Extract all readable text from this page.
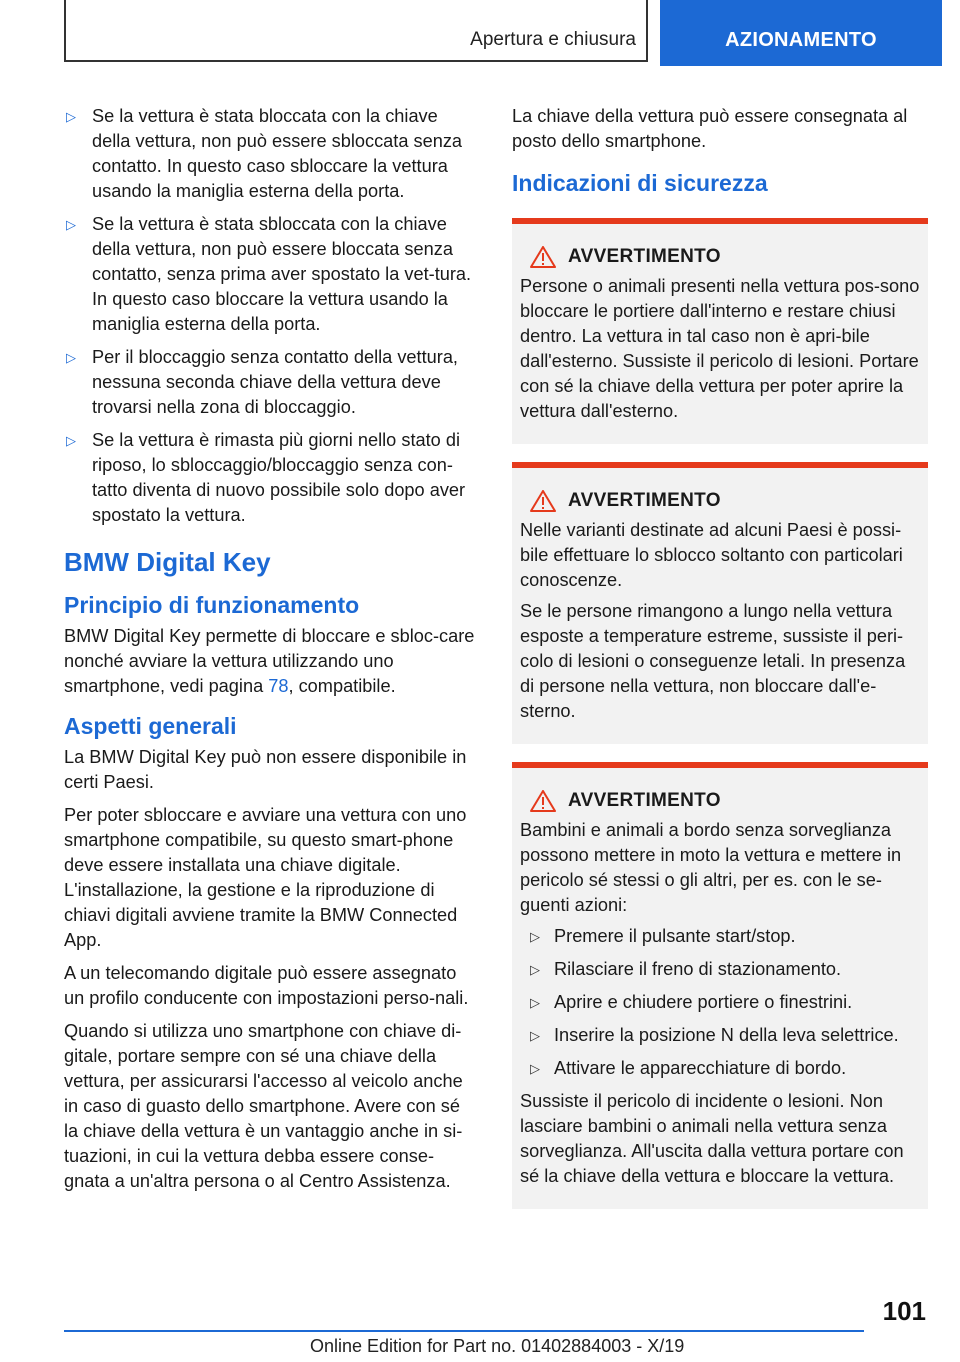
Apertura e chiusura	AZIONAMENTO
▷ Se la vettura è stata bloccata con la chiave della vettura, non può essere sbloccata senza contatto. In questo caso sbloccare la vettura usando la maniglia esterna della porta.
▷ Se la vettura è stata sbloccata con la chiave della vettura, non può essere bloccata senza contatto, senza prima aver spostato la vet-tura. In questo caso bloccare la vettura usando la maniglia esterna della porta.
▷ Per il bloccaggio senza contatto della vettura, nessuna seconda chiave della vettura deve trovarsi nella zona di bloccaggio.
▷ Se la vettura è rimasta più giorni nello stato di riposo, lo sbloccaggio/bloccaggio senza con-tatto diventa di nuovo possibile solo dopo aver spostato la vettura.
BMW Digital Key
Principio di funzionamento

BMW Digital Key permette di bloccare e sbloc-care nonché avviare la vettura utilizzando uno smartphone, vedi pagina 78, compatibile.

Aspetti generali

La BMW Digital Key può non essere disponibile in certi Paesi.

Per poter sbloccare e avviare una vettura con uno smartphone compatibile, su questo smart-phone deve essere installata una chiave digitale. L'installazione, la gestione e la riproduzione di chiavi digitali avviene tramite la BMW Connected App.

A un telecomando digitale può essere assegnato un profilo conducente con impostazioni perso-nali.

Quando si utilizza uno smartphone con chiave di-gitale, portare sempre con sé una chiave della vettura, per assicurarsi l'accesso al veicolo anche in caso di guasto dello smartphone. Avere con sé la chiave della vettura è un vantaggio anche in si-tuazioni, in cui la vettura debba essere conse-gnata a un'altra persona o al Centro Assistenza.

La chiave della vettura può essere consegnata al posto dello smartphone.

Indicazioni di sicurezza
AVVERTIMENTO

Persone o animali presenti nella vettura pos-sono bloccare le portiere dall'interno e restare chiusi dentro. La vettura in tal caso non è apri-bile dall'esterno. Sussiste il pericolo di lesioni. Portare con sé la chiave della vettura per poter aprire la vettura dall'esterno.

AVVERTIMENTO

Nelle varianti destinate ad alcuni Paesi è possi-bile effettuare lo sblocco soltanto con particolari conoscenze.

Se le persone rimangono a lungo nella vettura esposte a temperature estreme, sussiste il peri-colo di lesioni o conseguenze letali. In presenza di persone nella vettura, non bloccare dall'e-sterno.

AVVERTIMENTO

Bambini e animali a bordo senza sorveglianza possono mettere in moto la vettura e mettere in pericolo sé stessi o gli altri, per es. con le se-guenti azioni:

▷ Premere il pulsante start/stop.
▷ Rilasciare il freno di stazionamento.
▷ Aprire e chiudere portiere o finestrini.
▷ Inserire la posizione N della leva selettrice.
▷ Attivare le apparecchiature di bordo.

Sussiste il pericolo di incidente o lesioni. Non lasciare bambini o animali nella vettura senza sorveglianza. All'uscita dalla vettura portare con sé la chiave della vettura e bloccare la vettura.

101
Online Edition for Part no. 01402884003 - X/19
